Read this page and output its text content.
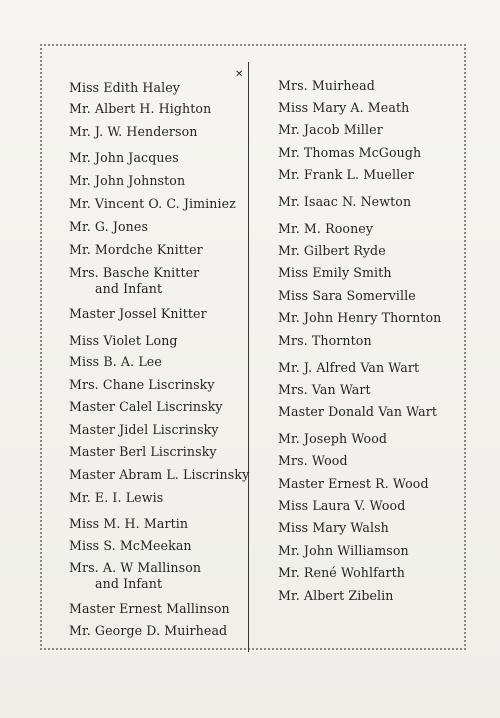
✕
Miss Edith Haley
Mr. Albert H. Highton
Mr. J. W. Henderson
Mr. John Jacques
Mr. John Johnston
Mr. Vincent O. C. Jiminiez
Mr. G. Jones
Mr. Mordche Knitter
Mrs. Basche Knitter
and Infant
Master Jossel Knitter
Miss Violet Long
Miss B. A. Lee
Mrs. Chane Liscrinsky
Master Calel Liscrinsky
Master Jidel Liscrinsky
Master Berl Liscrinsky
Master Abram L. Liscrinsky
Mr. E. I. Lewis
Miss M. H. Martin
Miss S. McMeekan
Mrs. A. W Mallinson
and Infant
Master Ernest Mallinson
Mr. George D. Muirhead
Mrs. Muirhead
Miss Mary A. Meath
Mr. Jacob Miller
Mr. Thomas McGough
Mr. Frank L. Mueller
Mr. Isaac N. Newton
Mr. M. Rooney
Mr. Gilbert Ryde
Miss Emily Smith
Miss Sara Somerville
Mr. John Henry Thornton
Mrs. Thornton
Mr. J. Alfred Van Wart
Mrs. Van Wart
Master Donald Van Wart
Mr. Joseph Wood
Mrs. Wood
Master Ernest R. Wood
Miss Laura V. Wood
Miss Mary Walsh
Mr. John Williamson
Mr. René Wohlfarth
Mr. Albert Zibelin
